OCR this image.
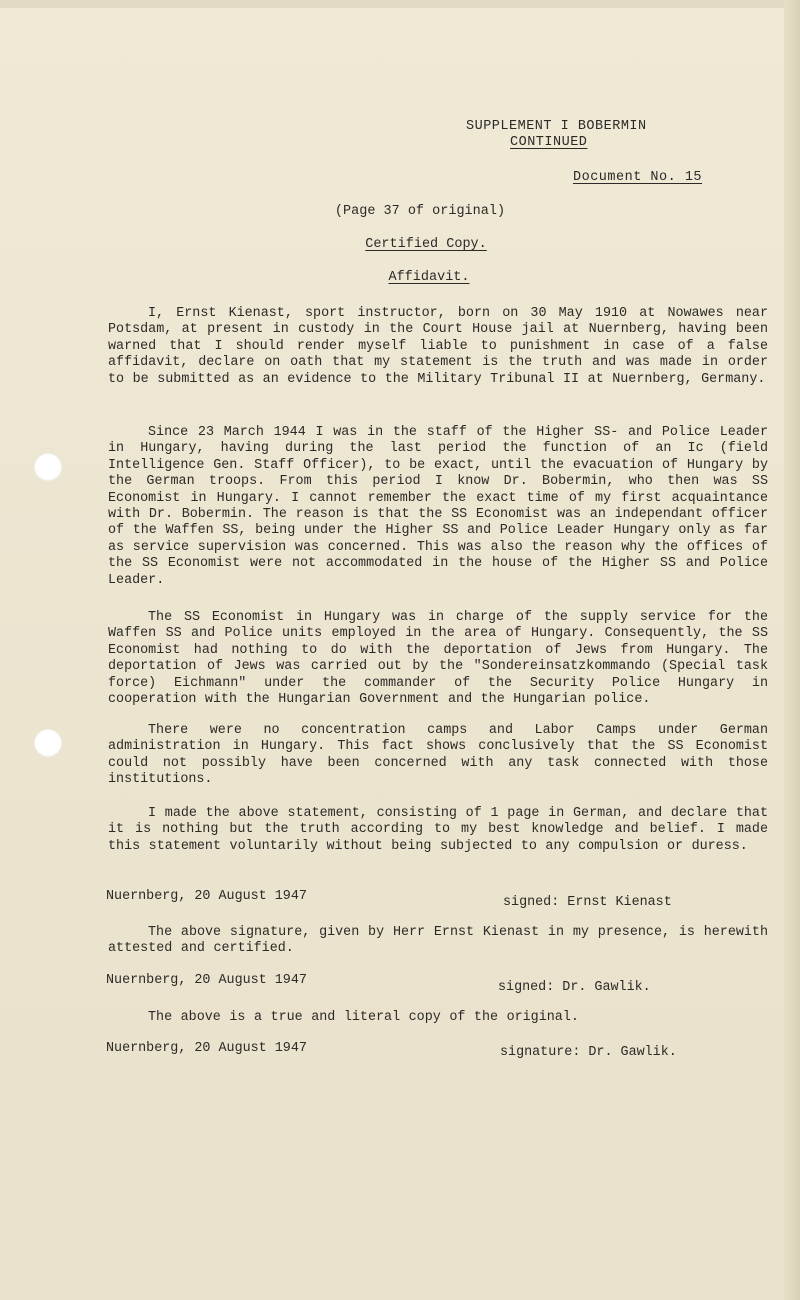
SUPPLEMENT I BOBERMIN
CONTINUED
Document No. 15
(Page 37 of original)
Certified Copy.
Affidavit.

I, Ernst Kienast, sport instructor, born on 30 May 1910 at Nowawes near Potsdam, at present in custody in the Court House jail at Nuernberg, having been warned that I should render myself liable to punishment in case of a false affidavit, declare on oath that my statement is the truth and was made in order to be submitted as an evidence to the Military Tribunal II at Nuernberg, Germany.

Since 23 March 1944 I was in the staff of the Higher SS- and Police Leader in Hungary, having during the last period the function of an Ic (field Intelligence Gen. Staff Officer), to be exact, until the evacuation of Hungary by the German troops. From this period I know Dr. Bobermin, who then was SS Economist in Hungary. I cannot remember the exact time of my first acquaintance with Dr. Bobermin. The reason is that the SS Economist was an independant officer of the Waffen SS, being under the Higher SS and Police Leader Hungary only as far as service supervision was concerned. This was also the reason why the offices of the SS Economist were not accommodated in the house of the Higher SS and Police Leader.

The SS Economist in Hungary was in charge of the supply service for the Waffen SS and Police units employed in the area of Hungary. Consequently, the SS Economist had nothing to do with the deportation of Jews from Hungary. The deportation of Jews was carried out by the "Sondereinsatzkommando (Special task force) Eichmann" under the commander of the Security Police Hungary in cooperation with the Hungarian Government and the Hungarian police.

There were no concentration camps and Labor Camps under German administration in Hungary. This fact shows conclusively that the SS Economist could not possibly have been concerned with any task connected with those institutions.

I made the above statement, consisting of 1 page in German, and declare that it is nothing but the truth according to my best knowledge and belief. I made this statement voluntarily without being subjected to any compulsion or duress.

Nuernberg, 20 August 1947	signed: Ernst Kienast

The above signature, given by Herr Ernst Kienast in my presence, is herewith attested and certified.

Nuernberg, 20 August 1947	signed: Dr. Gawlik.

The above is a true and literal copy of the original.

Nuernberg, 20 August 1947	signature: Dr. Gawlik.
